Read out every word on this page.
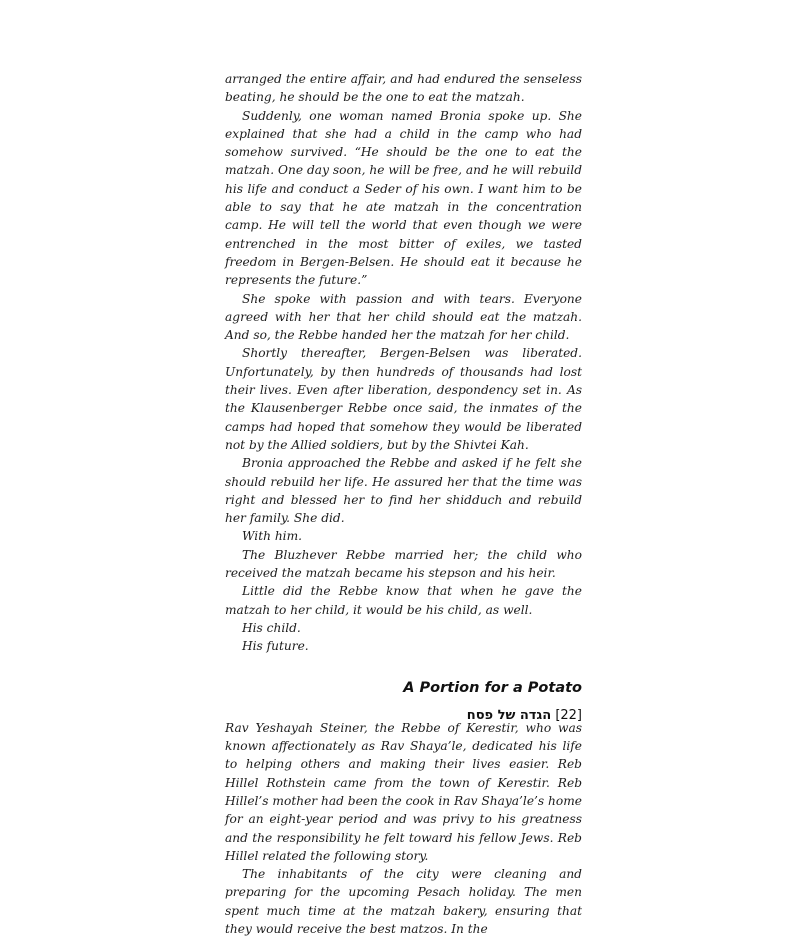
arranged the entire affair, and had endured the senseless beating, he should be the one to eat the matzah.

Suddenly, one woman named Bronia spoke up. She explained that she had a child in the camp who had somehow survived. “He should be the one to eat the matzah. One day soon, he will be free, and he will rebuild his life and conduct a Seder of his own. I want him to be able to say that he ate matzah in the concentration camp. He will tell the world that even though we were entrenched in the most bitter of exiles, we tasted freedom in Bergen-Belsen. He should eat it because he represents the future.”

She spoke with passion and with tears. Everyone agreed with her that her child should eat the matzah. And so, the Rebbe handed her the matzah for her child.

Shortly thereafter, Bergen-Belsen was liberated. Unfortunately, by then hundreds of thousands had lost their lives. Even after liberation, despondency set in. As the Klausenberger Rebbe once said, the inmates of the camps had hoped that somehow they would be liberated not by the Allied soldiers, but by the Shivtei Kah.

Bronia approached the Rebbe and asked if he felt she should rebuild her life. He assured her that the time was right and blessed her to find her shidduch and rebuild her family. She did.

With him.

The Bluzhever Rebbe married her; the child who received the matzah became his stepson and his heir.

Little did the Rebbe know that when he gave the matzah to her child, it would be his child, as well.

His child.

His future.

A Portion for a Potato

Rav Yeshayah Steiner, the Rebbe of Kerestir, who was known affectionately as Rav Shaya’le, dedicated his life to helping others and making their lives easier. Reb Hillel Rothstein came from the town of Kerestir. Reb Hillel’s mother had been the cook in Rav Shaya’le’s home for an eight-year period and was privy to his greatness and the responsibility he felt toward his fellow Jews. Reb Hillel related the following story.

The inhabitants of the city were cleaning and preparing for the upcoming Pesach holiday. The men spent much time at the matzah bakery, ensuring that they would receive the best matzos. In the

הגדה של פסח [22]
